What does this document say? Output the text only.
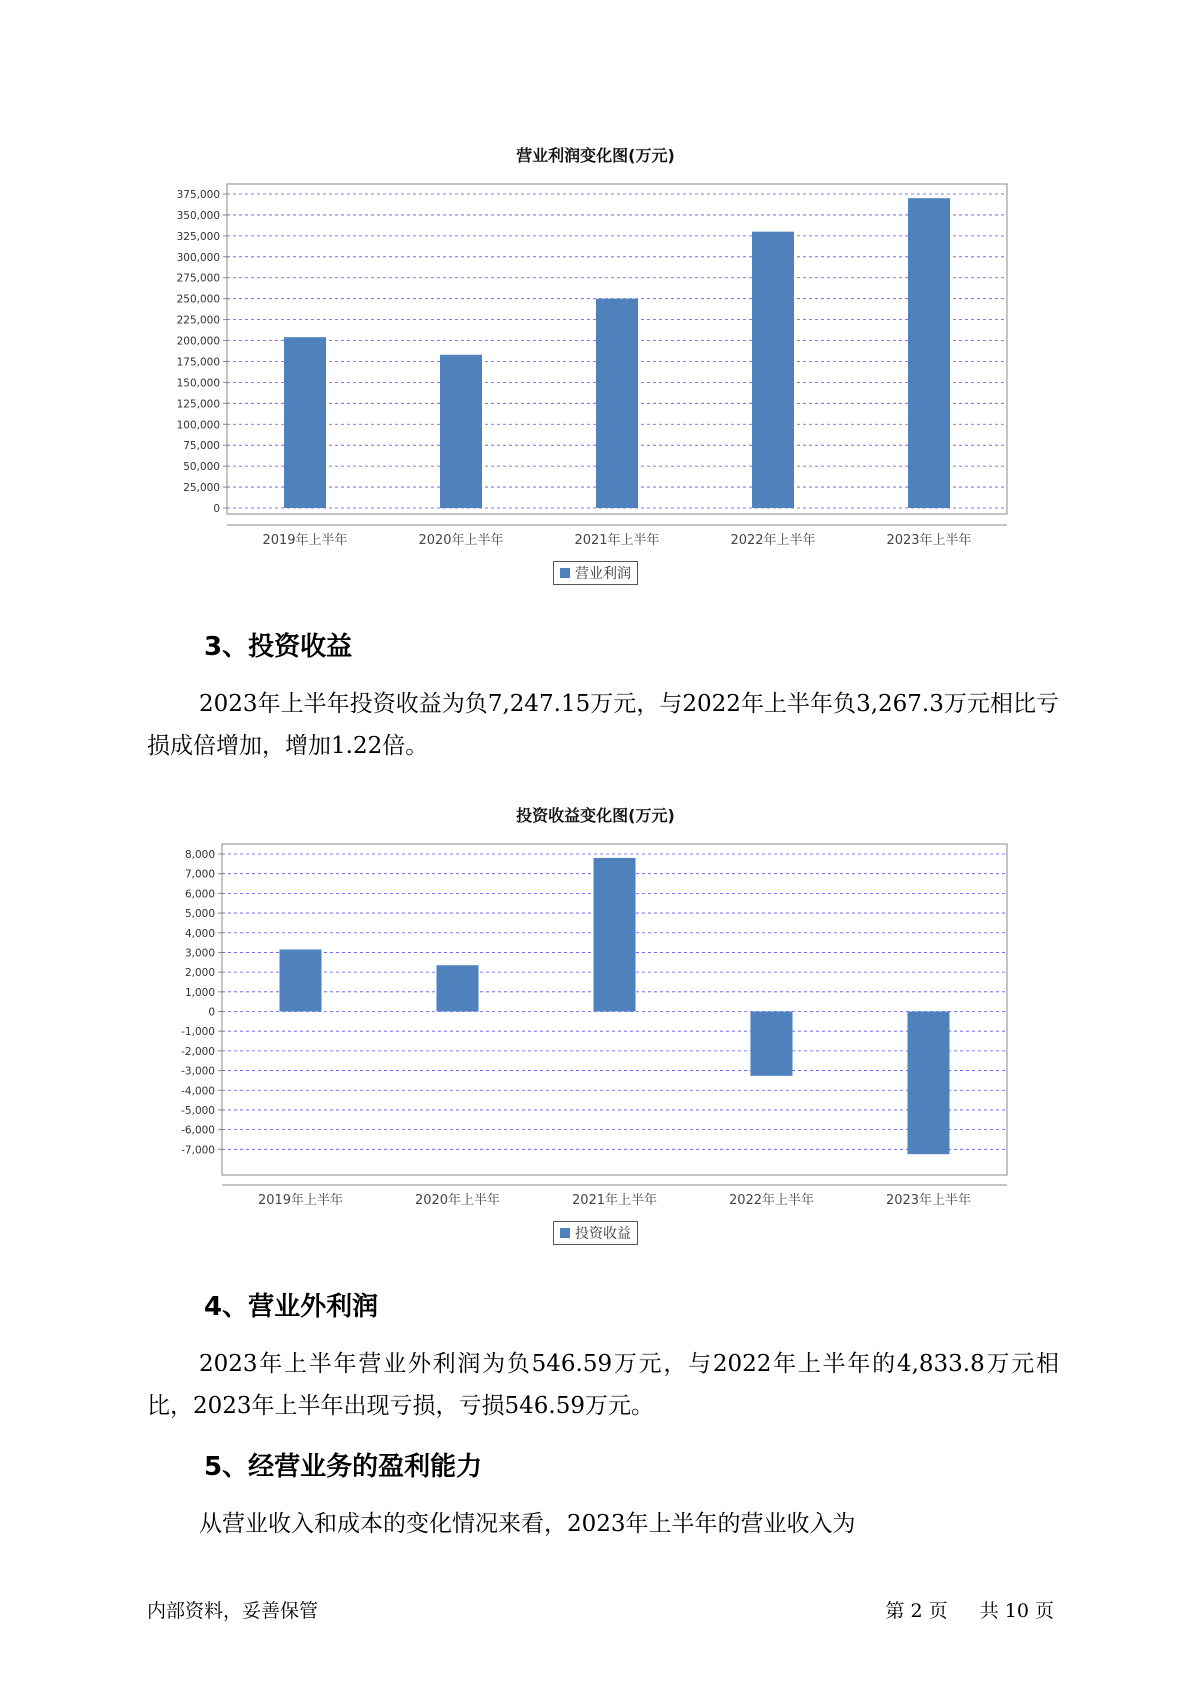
营业利润变化图(万元)
0
25,000
50,000
75,000
100,000
125,000
150,000
175,000
200,000
225,000
250,000
275,000
300,000
325,000
350,000
375,000
2019年上半年	2020年上半年	2021年上半年	2022年上半年	2023年上半年
营业利润
3、投资收益

2023年上半年投资收益为负7,247.15万元，与2022年上半年负3,267.3万元相比亏损成倍增加，增加1.22倍。

投资收益变化图(万元)
-7,000
-6,000
-5,000
-4,000
-3,000
-2,000
-1,000
0
1,000
2,000
3,000
4,000
5,000
6,000
7,000
8,000
2019年上半年	2020年上半年	2021年上半年	2022年上半年	2023年上半年
投资收益
4、营业外利润

2023年上半年营业外利润为负546.59万元，与2022年上半年的4,833.8万元相比，2023年上半年出现亏损，亏损546.59万元。

5、经营业务的盈利能力

从营业收入和成本的变化情况来看，2023年上半年的营业收入为

内部资料，妥善保管	第 2 页 共 10 页
